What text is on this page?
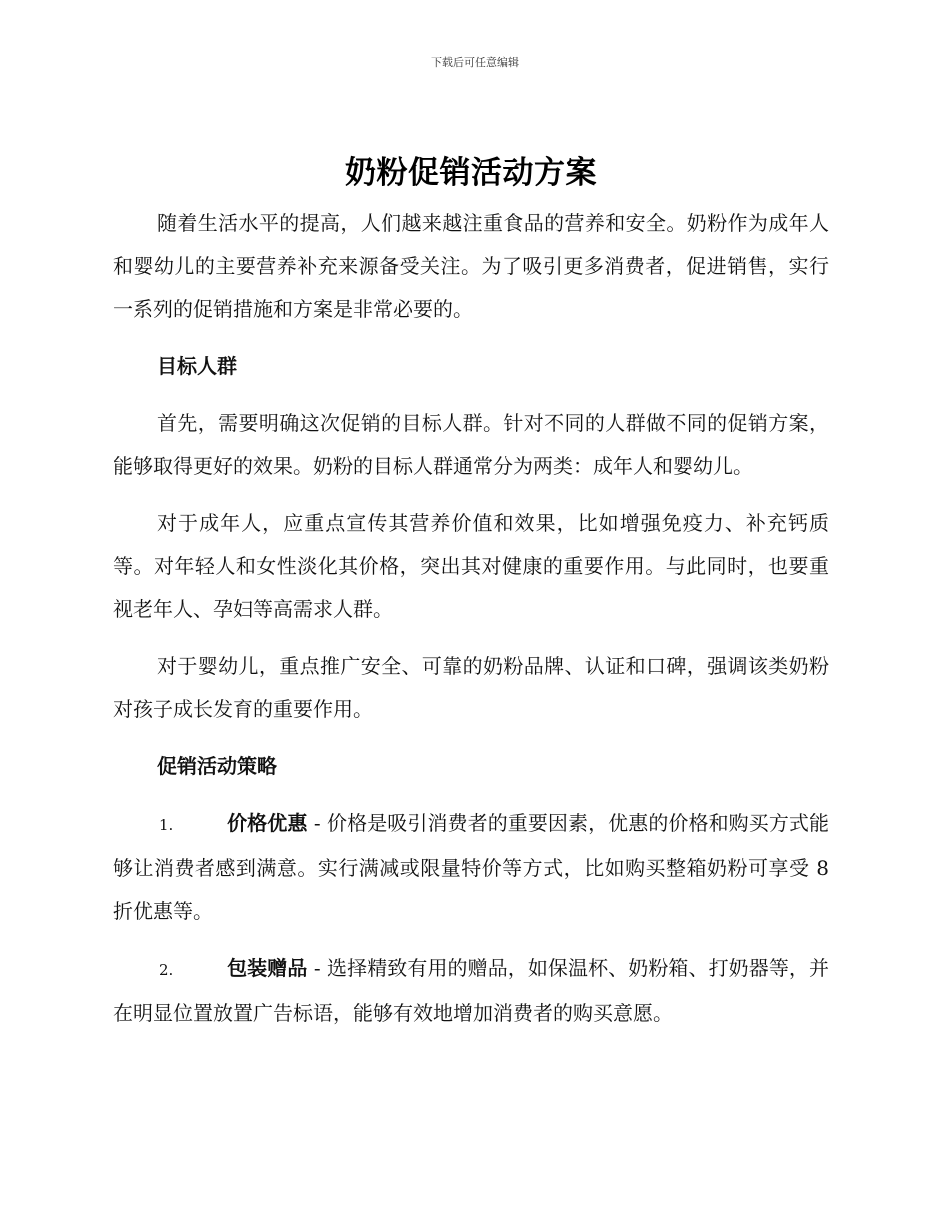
下载后可任意编辑
奶粉促销活动方案

随着生活水平的提高，人们越来越注重食品的营养和安全。奶粉作为成年人和婴幼儿的主要营养补充来源备受关注。为了吸引更多消费者，促进销售，实行一系列的促销措施和方案是非常必要的。

目标人群

首先，需要明确这次促销的目标人群。针对不同的人群做不同的促销方案，能够取得更好的效果。奶粉的目标人群通常分为两类：成年人和婴幼儿。

对于成年人，应重点宣传其营养价值和效果，比如增强免疫力、补充钙质等。对年轻人和女性淡化其价格，突出其对健康的重要作用。与此同时，也要重视老年人、孕妇等高需求人群。

对于婴幼儿，重点推广安全、可靠的奶粉品牌、认证和口碑，强调该类奶粉对孩子成长发育的重要作用。

促销活动策略

1.	价格优惠 - 价格是吸引消费者的重要因素，优惠的价格和购买方式能够让消费者感到满意。实行满减或限量特价等方式，比如购买整箱奶粉可享受 8 折优惠等。

2.	包装赠品 - 选择精致有用的赠品，如保温杯、奶粉箱、打奶器等，并在明显位置放置广告标语，能够有效地增加消费者的购买意愿。
